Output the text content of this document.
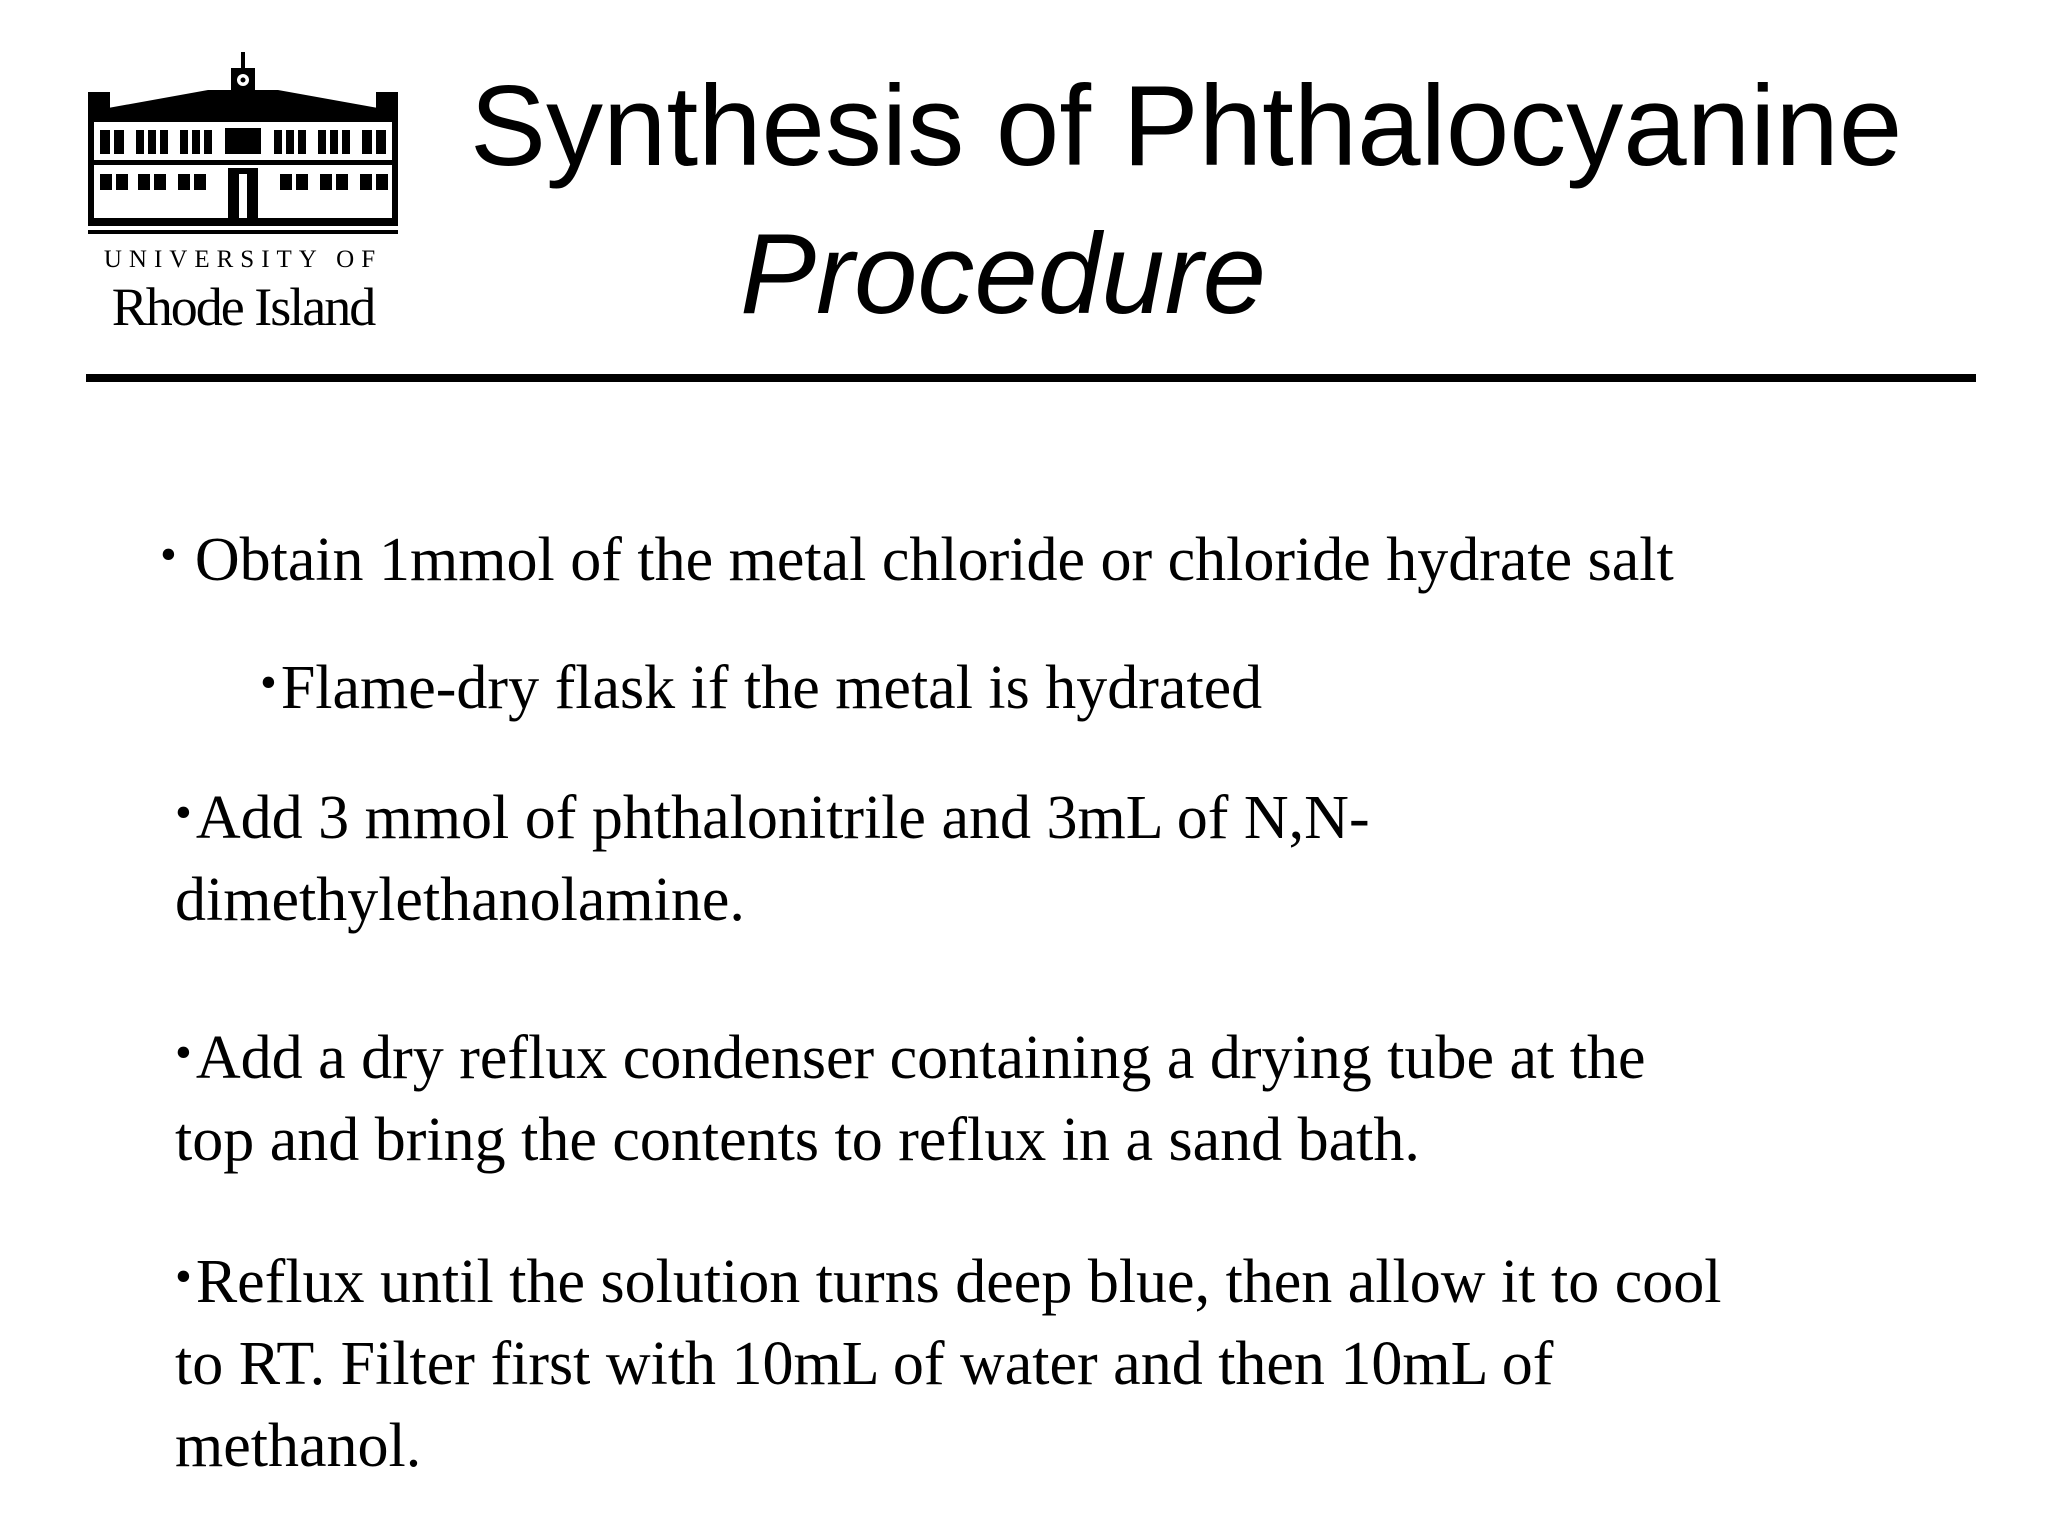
UNIVERSITY OF
Rhode Island
Synthesis of Phthalocyanine
Procedure
• Obtain 1mmol of the metal chloride or chloride hydrate salt
•Flame-dry flask if the metal is hydrated
•Add 3 mmol of phthalonitrile and 3mL of N,N-
dimethylethanolamine.
•Add a dry reflux condenser containing a drying tube at the
top and bring the contents to reflux in a sand bath.
•Reflux until the solution turns deep blue, then allow it to cool
to RT. Filter first with 10mL of water and then 10mL of
methanol.
